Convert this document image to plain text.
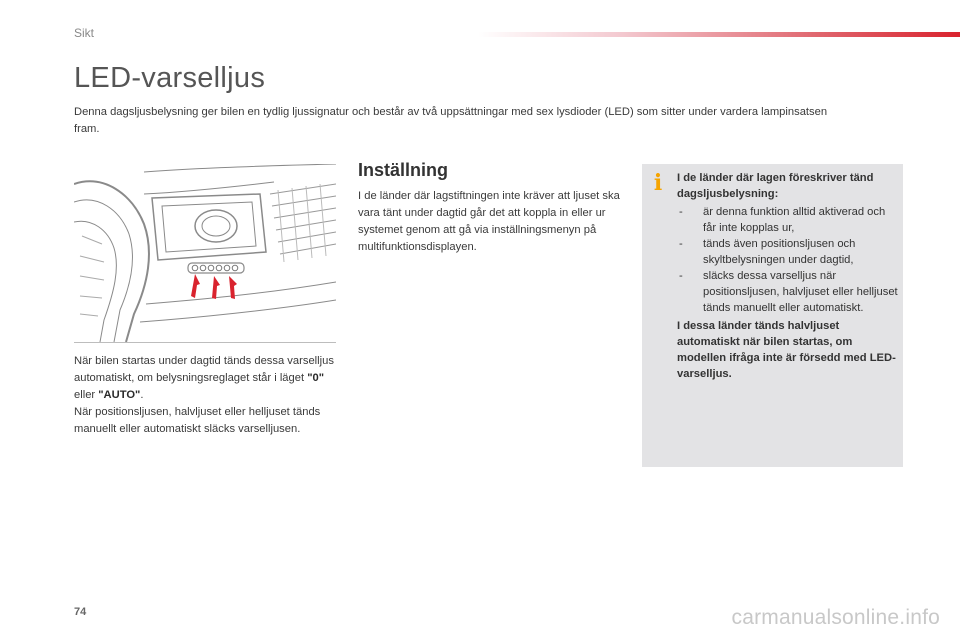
Sikt
LED-varselljus

Denna dagsljusbelysning ger bilen en tydlig ljussignatur och består av två uppsättningar med sex lysdioder (LED) som sitter under vardera lampinsatsen fram.

När bilen startas under dagtid tänds dessa varselljus automatiskt, om belysningsreglaget står i läget "0" eller "AUTO".
När positionsljusen, halvljuset eller helljuset tänds manuellt eller automatiskt släcks varselljusen.

Inställning

I de länder där lagstiftningen inte kräver att ljuset ska vara tänt under dagtid går det att koppla in eller ur systemet genom att gå via inställningsmenyn på multifunktionsdisplayen.

i I de länder där lagen föreskriver tänd dagsljusbelysning:

- är denna funktion alltid aktiverad och får inte kopplas ur,
- tänds även positionsljusen och skyltbelysningen under dagtid,
- släcks dessa varselljus när positionsljusen, halvljuset eller helljuset tänds manuellt eller automatiskt.

I dessa länder tänds halvljuset automatiskt när bilen startas, om modellen ifråga inte är försedd med LED-varselljus.

74	carmanualsonline.info
